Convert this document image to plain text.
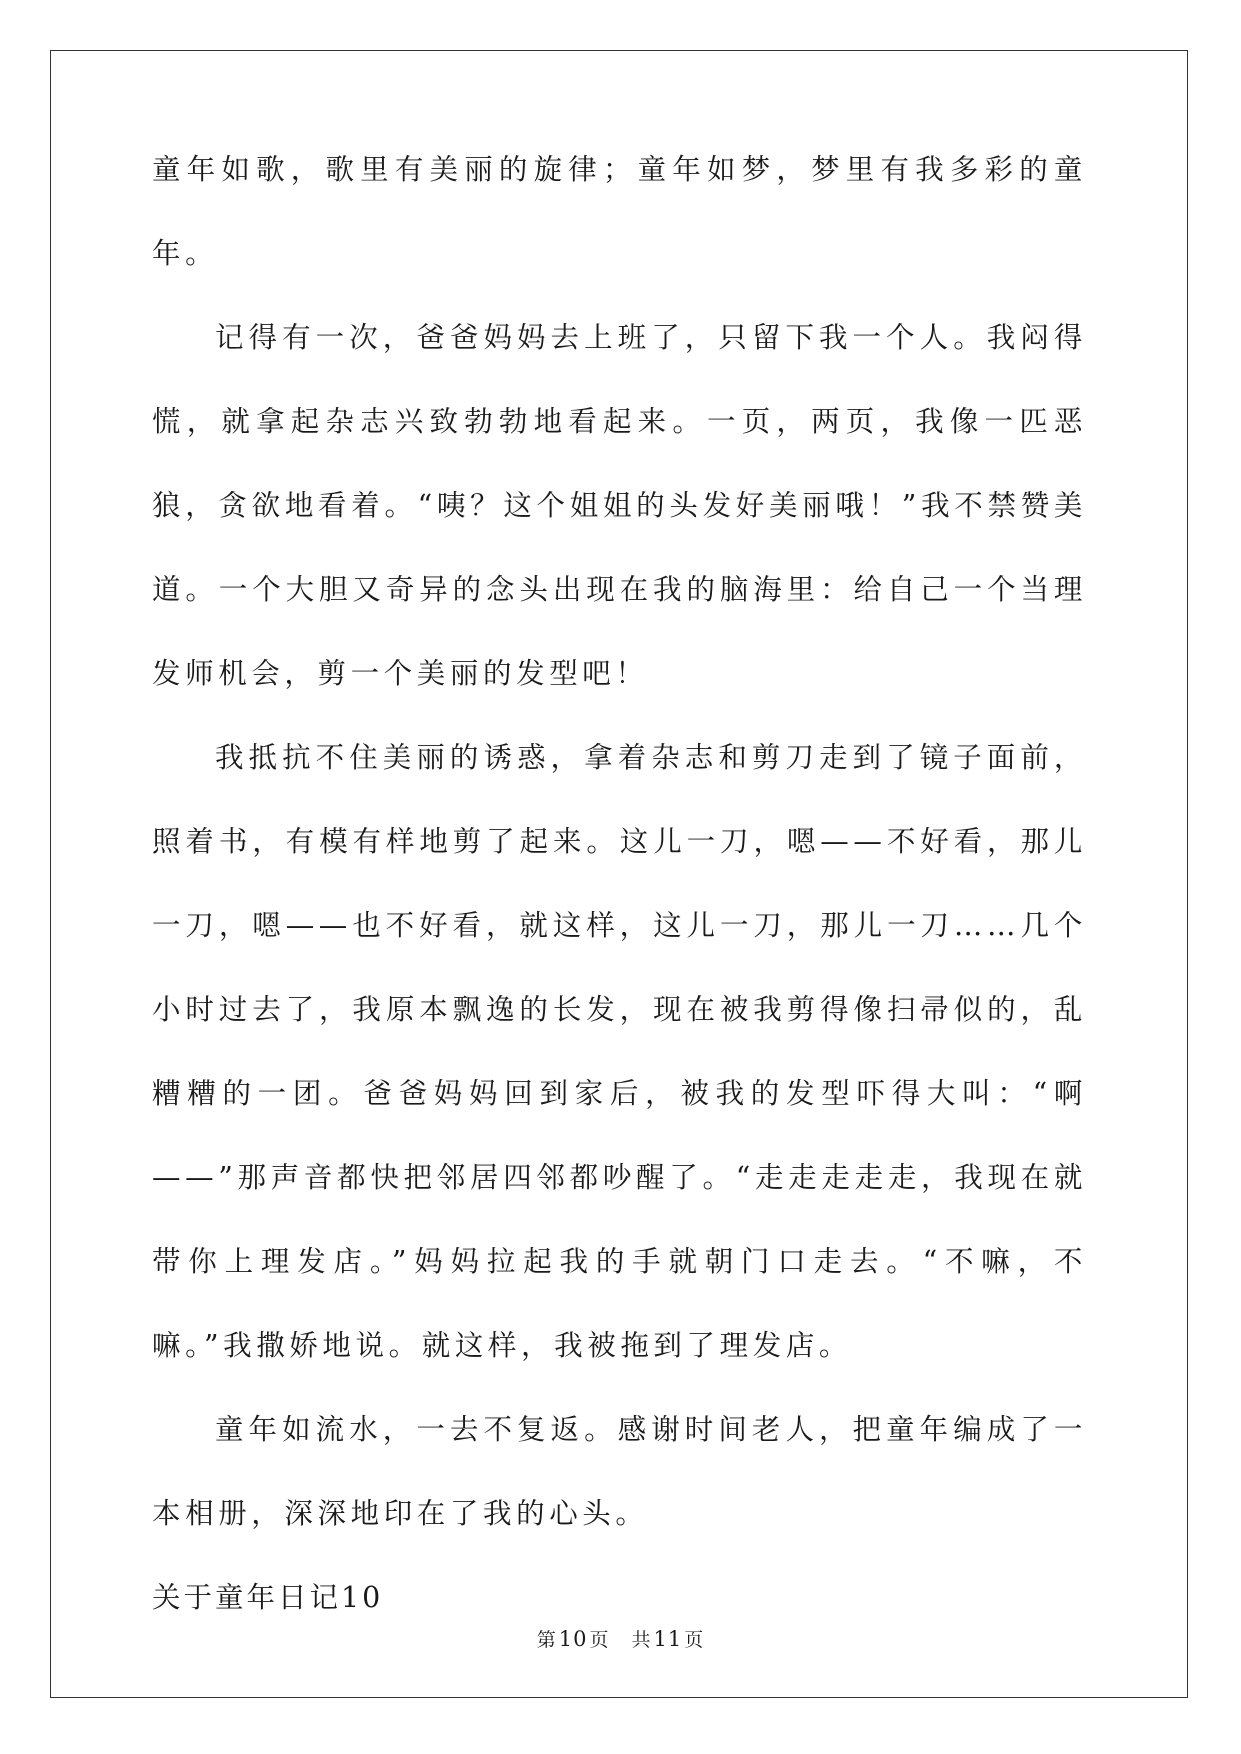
童年如歌，歌里有美丽的旋律；童年如梦，梦里有我多彩的童年。

记得有一次，爸爸妈妈去上班了，只留下我一个人。我闷得慌，就拿起杂志兴致勃勃地看起来。一页，两页，我像一匹恶狼，贪欲地看着。“咦？这个姐姐的头发好美丽哦！”我不禁赞美道。一个大胆又奇异的念头出现在我的脑海里：给自己一个当理发师机会，剪一个美丽的发型吧！

我抵抗不住美丽的诱惑，拿着杂志和剪刀走到了镜子面前，照着书，有模有样地剪了起来。这儿一刀，嗯——不好看，那儿一刀，嗯——也不好看，就这样，这儿一刀，那儿一刀……几个小时过去了，我原本飘逸的长发，现在被我剪得像扫帚似的，乱糟糟的一团。爸爸妈妈回到家后，被我的发型吓得大叫：“啊——”那声音都快把邻居四邻都吵醒了。“走走走走走，我现在就带你上理发店。”妈妈拉起我的手就朝门口走去。“不嘛，不嘛。”我撒娇地说。就这样，我被拖到了理发店。

童年如流水，一去不复返。感谢时间老人，把童年编成了一本相册，深深地印在了我的心头。

关于童年日记10

第10 页 共11 页
